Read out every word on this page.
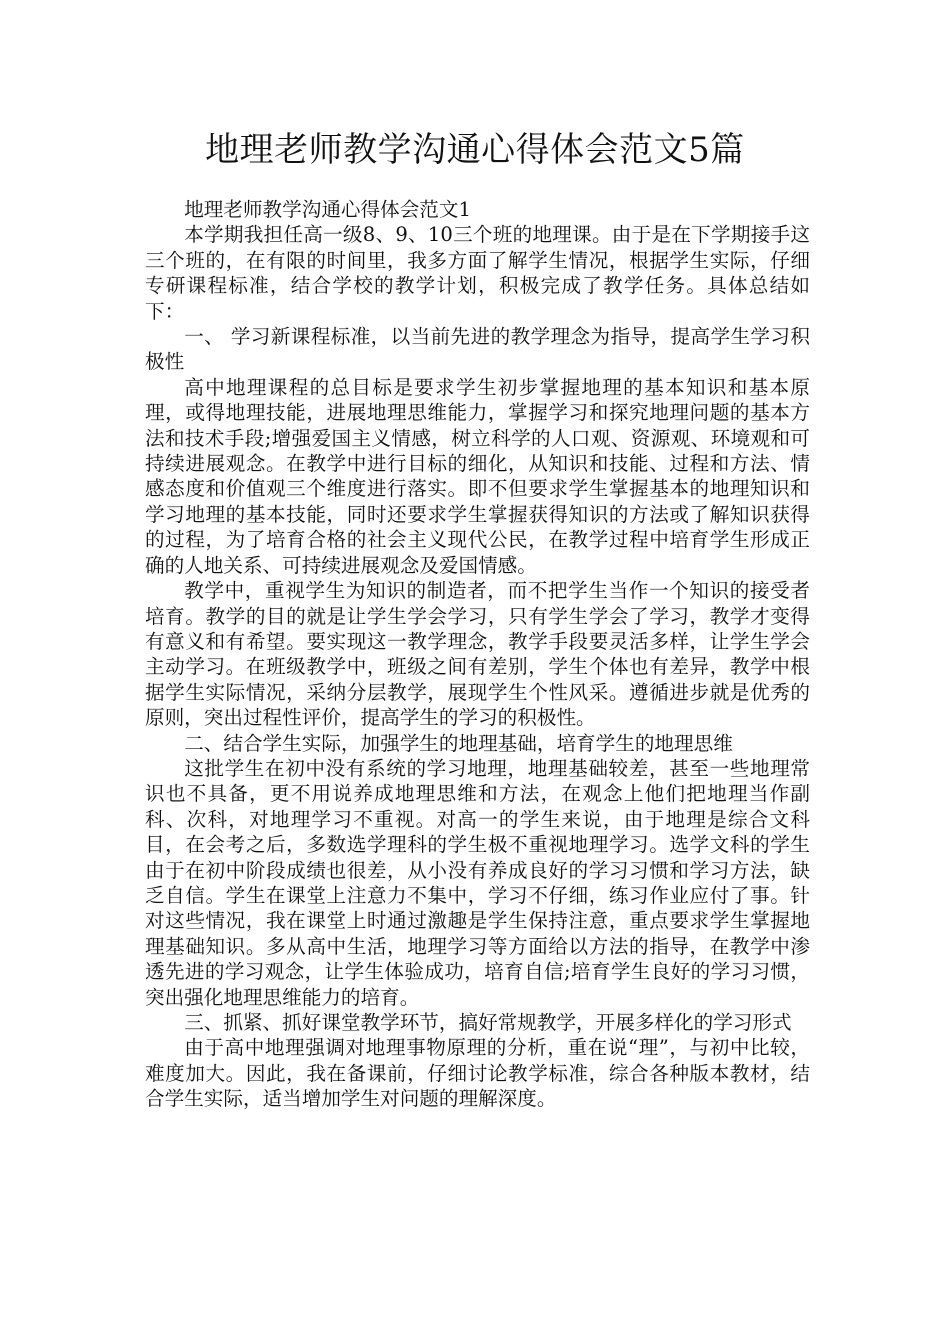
地理老师教学沟通心得体会范文5篇

地理老师教学沟通心得体会范文1

本学期我担任高一级8、9、10三个班的地理课。由于是在下学期接手这三个班的，在有限的时间里，我多方面了解学生情况，根据学生实际，仔细专研课程标准，结合学校的教学计划，积极完成了教学任务。具体总结如下：

一、 学习新课程标准，以当前先进的教学理念为指导，提高学生学习积极性

高中地理课程的总目标是要求学生初步掌握地理的基本知识和基本原理，或得地理技能，进展地理思维能力，掌握学习和探究地理问题的基本方法和技术手段;增强爱国主义情感，树立科学的人口观、资源观、环境观和可持续进展观念。在教学中进行目标的细化，从知识和技能、过程和方法、情感态度和价值观三个维度进行落实。即不但要求学生掌握基本的地理知识和学习地理的基本技能，同时还要求学生掌握获得知识的方法或了解知识获得的过程，为了培育合格的社会主义现代公民，在教学过程中培育学生形成正确的人地关系、可持续进展观念及爱国情感。

教学中，重视学生为知识的制造者，而不把学生当作一个知识的接受者培育。教学的目的就是让学生学会学习，只有学生学会了学习，教学才变得有意义和有希望。要实现这一教学理念，教学手段要灵活多样，让学生学会主动学习。在班级教学中，班级之间有差别，学生个体也有差异，教学中根据学生实际情况，采纳分层教学，展现学生个性风采。遵循进步就是优秀的原则，突出过程性评价，提高学生的学习的积极性。

二、结合学生实际，加强学生的地理基础，培育学生的地理思维

这批学生在初中没有系统的学习地理，地理基础较差，甚至一些地理常识也不具备，更不用说养成地理思维和方法，在观念上他们把地理当作副科、次科，对地理学习不重视。对高一的学生来说，由于地理是综合文科目，在会考之后，多数选学理科的学生极不重视地理学习。选学文科的学生由于在初中阶段成绩也很差，从小没有养成良好的学习习惯和学习方法，缺乏自信。学生在课堂上注意力不集中，学习不仔细，练习作业应付了事。针对这些情况，我在课堂上时通过激趣是学生保持注意，重点要求学生掌握地理基础知识。多从高中生活，地理学习等方面给以方法的指导，在教学中渗透先进的学习观念，让学生体验成功，培育自信;培育学生良好的学习习惯，突出强化地理思维能力的培育。

三、抓紧、抓好课堂教学环节，搞好常规教学，开展多样化的学习形式

由于高中地理强调对地理事物原理的分析，重在说“理”，与初中比较，难度加大。因此，我在备课前，仔细讨论教学标准，综合各种版本教材，结合学生实际，适当增加学生对问题的理解深度。
